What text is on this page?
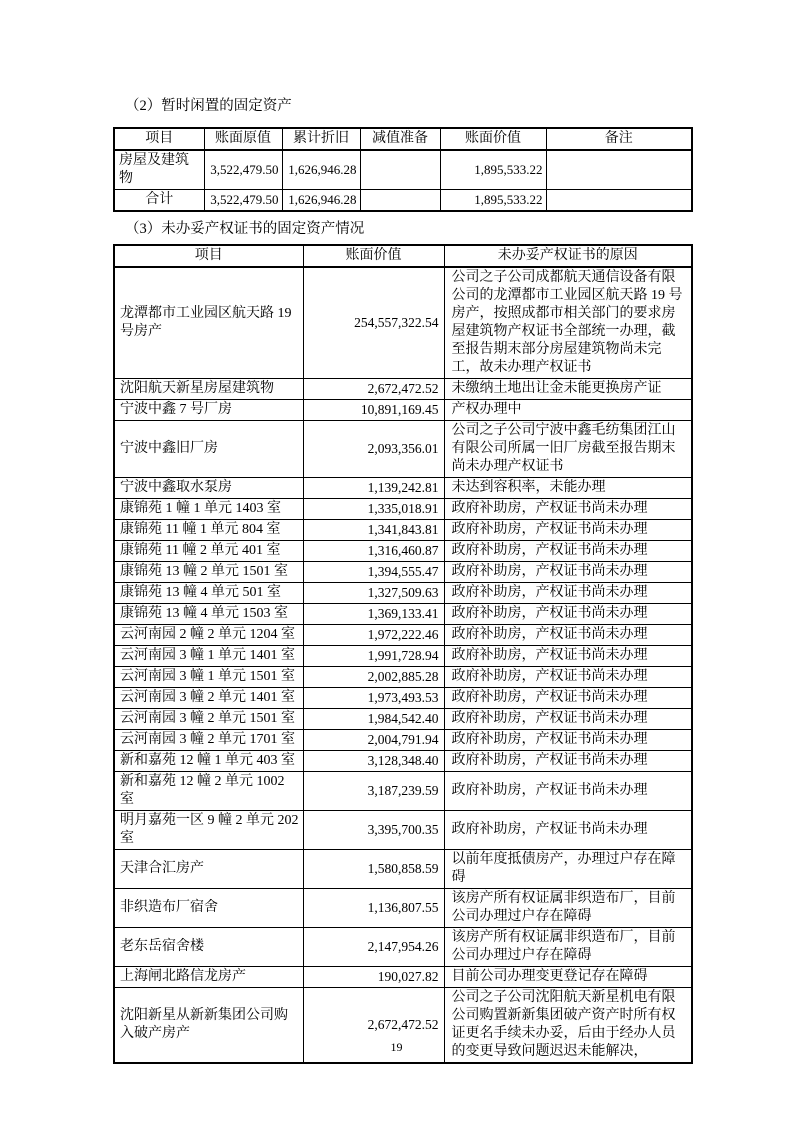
（2）暂时闲置的固定资产
项目	账面原值	累计折旧	减值准备	账面价值	备注
房屋及建筑物	3,522,479.50	1,626,946.28		1,895,533.22	
合计	3,522,479.50	1,626,946.28		1,895,533.22	
（3）未办妥产权证书的固定资产情况
项目	账面价值	未办妥产权证书的原因
龙潭都市工业园区航天路 19 号房产	254,557,322.54	公司之子公司成都航天通信设备有限公司的龙潭都市工业园区航天路 19 号房产，按照成都市相关部门的要求房屋建筑物产权证书全部统一办理，截至报告期末部分房屋建筑物尚未完工，故未办理产权证书
沈阳航天新星房屋建筑物	2,672,472.52	未缴纳土地出让金未能更换房产证
宁波中鑫 7 号厂房	10,891,169.45	产权办理中
宁波中鑫旧厂房	2,093,356.01	公司之子公司宁波中鑫毛纺集团江山有限公司所属一旧厂房截至报告期末尚未办理产权证书
宁波中鑫取水泵房	1,139,242.81	未达到容积率，未能办理
康锦苑 1 幢 1 单元 1403 室	1,335,018.91	政府补助房，产权证书尚未办理
康锦苑 11 幢 1 单元 804 室	1,341,843.81	政府补助房，产权证书尚未办理
康锦苑 11 幢 2 单元 401 室	1,316,460.87	政府补助房，产权证书尚未办理
康锦苑 13 幢 2 单元 1501 室	1,394,555.47	政府补助房，产权证书尚未办理
康锦苑 13 幢 4 单元 501 室	1,327,509.63	政府补助房，产权证书尚未办理
康锦苑 13 幢 4 单元 1503 室	1,369,133.41	政府补助房，产权证书尚未办理
云河南园 2 幢 2 单元 1204 室	1,972,222.46	政府补助房，产权证书尚未办理
云河南园 3 幢 1 单元 1401 室	1,991,728.94	政府补助房，产权证书尚未办理
云河南园 3 幢 1 单元 1501 室	2,002,885.28	政府补助房，产权证书尚未办理
云河南园 3 幢 2 单元 1401 室	1,973,493.53	政府补助房，产权证书尚未办理
云河南园 3 幢 2 单元 1501 室	1,984,542.40	政府补助房，产权证书尚未办理
云河南园 3 幢 2 单元 1701 室	2,004,791.94	政府补助房，产权证书尚未办理
新和嘉苑 12 幢 1 单元 403 室	3,128,348.40	政府补助房，产权证书尚未办理
新和嘉苑 12 幢 2 单元 1002 室	3,187,239.59	政府补助房，产权证书尚未办理
明月嘉苑一区 9 幢 2 单元 202 室	3,395,700.35	政府补助房，产权证书尚未办理
天津合汇房产	1,580,858.59	以前年度抵债房产，办理过户存在障碍
非织造布厂宿舍	1,136,807.55	该房产所有权证属非织造布厂，目前公司办理过户存在障碍
老东岳宿舍楼	2,147,954.26	该房产所有权证属非织造布厂，目前公司办理过户存在障碍
上海闸北路信龙房产	190,027.82	目前公司办理变更登记存在障碍
沈阳新星从新新集团公司购入破产房产	2,672,472.52	公司之子公司沈阳航天新星机电有限公司购置新新集团破产资产时所有权证更名手续未办妥，后由于经办人员的变更导致问题迟迟未能解决，
19
